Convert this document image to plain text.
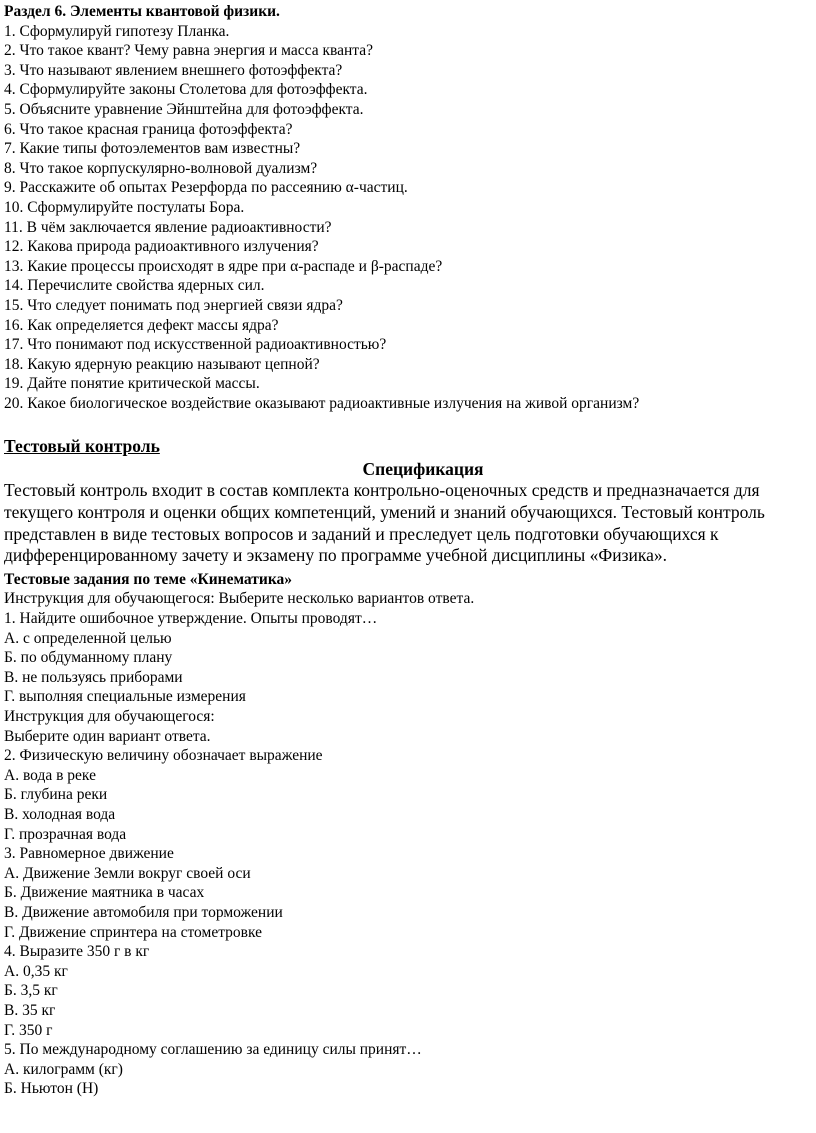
Раздел 6. Элементы квантовой физики.
1. Сформулируй гипотезу Планка.
2. Что такое квант? Чему равна энергия и масса кванта?
3. Что называют явлением внешнего фотоэффекта?
4. Сформулируйте законы Столетова для фотоэффекта.
5. Объясните уравнение Эйнштейна для фотоэффекта.
6. Что такое красная граница фотоэффекта?
7. Какие типы фотоэлементов вам известны?
8. Что такое корпускулярно-волновой дуализм?
9. Расскажите об опытах Резерфорда по рассеянию α-частиц.
10. Сформулируйте постулаты Бора.
11. В чём заключается явление радиоактивности?
12. Какова природа радиоактивного излучения?
13. Какие процессы происходят в ядре при α-распаде и β-распаде?
14. Перечислите свойства ядерных сил.
15. Что следует понимать под энергией связи ядра?
16. Как определяется дефект массы ядра?
17. Что понимают под искусственной радиоактивностью?
18. Какую ядерную реакцию называют цепной?
19. Дайте понятие критической массы.
20. Какое биологическое воздействие оказывают радиоактивные излучения на живой организм?
Тестовый контроль
Спецификация

Тестовый контроль входит в состав комплекта контрольно-оценочных средств и предназначается для текущего контроля и оценки общих компетенций, умений и знаний обучающихся. Тестовый контроль представлен в виде тестовых вопросов и заданий и преследует цель подготовки обучающихся к дифференцированному зачету и экзамену по программе учебной дисциплины «Физика».

Тестовые задания по теме «Кинематика»
Инструкция для обучающегося: Выберите несколько вариантов ответа.
1. Найдите ошибочное утверждение. Опыты проводят…
А. с определенной целью
Б. по обдуманному плану
В. не пользуясь приборами
Г. выполняя специальные измерения
Инструкция для обучающегося:
Выберите один вариант ответа.
2. Физическую величину обозначает выражение
А. вода в реке
Б. глубина реки
В. холодная вода
Г. прозрачная вода
3. Равномерное движение
А. Движение Земли вокруг своей оси
Б. Движение маятника в часах
В. Движение автомобиля при торможении
Г. Движение спринтера на стометровке
4. Выразите 350 г в кг
А. 0,35 кг
Б. 3,5 кг
В. 35 кг
Г. 350 г
5. По международному соглашению за единицу силы принят…
А. килограмм (кг)
Б. Ньютон (Н)
